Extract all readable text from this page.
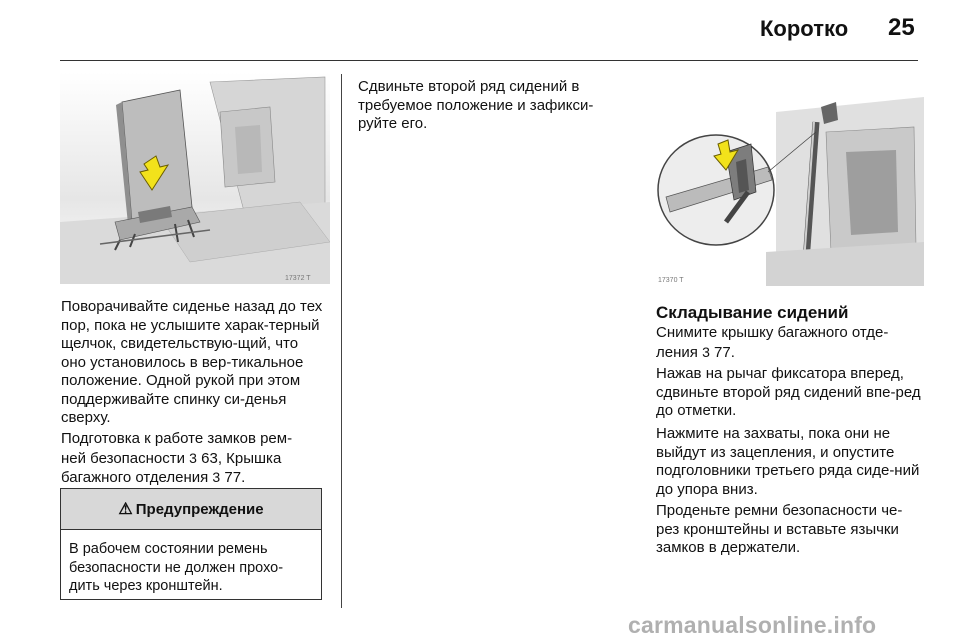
Коротко 25
17372 T

Поворачивайте сиденье назад до тех пор, пока не услышите харак-терный щелчок, свидетельствую-щий, что оно установилось в вер-тикальное положение. Одной рукой при этом поддерживайте спинку си-денья сверху.

Подготовка к работе замков рем-
ней безопасности 3 63, Крышка
багажного отделения 3 77.

⚠ Предупреждение
В рабочем состоянии ремень безопасности не должен прохо-дить через кронштейн.

Сдвиньте второй ряд сидений в требуемое положение и зафикси-руйте его.

17370 T
Складывание сидений

Снимите крышку багажного отде-
ления 3 77.

Нажав на рычаг фиксатора вперед, сдвиньте второй ряд сидений впе-ред до отметки.

Нажмите на захваты, пока они не выйдут из зацепления, и опустите подголовники третьего ряда сиде-ний до упора вниз.

Проденьте ремни безопасности че-рез кронштейны и вставьте язычки замков в держатели.

carmanualsonline.info
